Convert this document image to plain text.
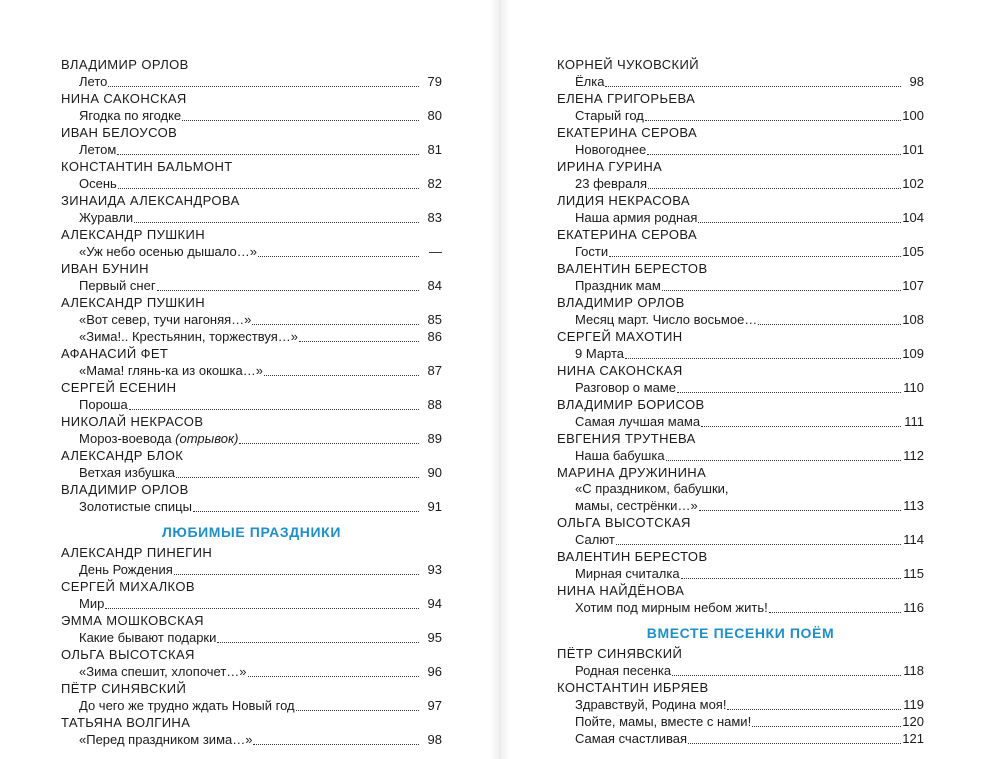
ВЛАДИМИР ОРЛОВ
Лето	79
НИНА САКОНСКАЯ
Ягодка по ягодке	80
ИВАН БЕЛОУСОВ
Летом	81
КОНСТАНТИН БАЛЬМОНТ
Осень	82
ЗИНАИДА АЛЕКСАНДРОВА
Журавли	83
АЛЕКСАНДР ПУШКИН
«Уж небо осенью дышало…»	—
ИВАН БУНИН
Первый снег	84
АЛЕКСАНДР ПУШКИН
«Вот север, тучи нагоняя…»	85
«Зима!.. Крестьянин, торжествуя…»	86
АФАНАСИЙ ФЕТ
«Мама! глянь-ка из окошка…»	87
СЕРГЕЙ ЕСЕНИН
Пороша	88
НИКОЛАЙ НЕКРАСОВ
Мороз-воевода (отрывок)	89
АЛЕКСАНДР БЛОК
Ветхая избушка	90
ВЛАДИМИР ОРЛОВ
Золотистые спицы	91
ЛЮБИМЫЕ ПРАЗДНИКИ
АЛЕКСАНДР ПИНЕГИН
День Рождения	93
СЕРГЕЙ МИХАЛКОВ
Мир	94
ЭММА МОШКОВСКАЯ
Какие бывают подарки	95
ОЛЬГА ВЫСОТСКАЯ
«Зима спешит, хлопочет…»	96
ПЁТР СИНЯВСКИЙ
До чего же трудно ждать Новый год	97
ТАТЬЯНА ВОЛГИНА
«Перед праздником зима…»	98
КОРНЕЙ ЧУКОВСКИЙ
Ёлка	98
ЕЛЕНА ГРИГОРЬЕВА
Старый год	100
ЕКАТЕРИНА СЕРОВА
Новогоднее	101
ИРИНА ГУРИНА
23 февраля	102
ЛИДИЯ НЕКРАСОВА
Наша армия родная	104
ЕКАТЕРИНА СЕРОВА
Гости	105
ВАЛЕНТИН БЕРЕСТОВ
Праздник мам	107
ВЛАДИМИР ОРЛОВ
Месяц март. Число восьмое…	108
СЕРГЕЙ МАХОТИН
9 Марта	109
НИНА САКОНСКАЯ
Разговор о маме	110
ВЛАДИМИР БОРИСОВ
Самая лучшая мама	111
ЕВГЕНИЯ ТРУТНЕВА
Наша бабушка	112
МАРИНА ДРУЖИНИНА
«С праздником, бабушки,
мамы, сестрёнки…»	113
ОЛЬГА ВЫСОТСКАЯ
Салют	114
ВАЛЕНТИН БЕРЕСТОВ
Мирная считалка	115
НИНА НАЙДЁНОВА
Хотим под мирным небом жить!	116
ВМЕСТЕ ПЕСЕНКИ ПОЁМ
ПЁТР СИНЯВСКИЙ
Родная песенка	118
КОНСТАНТИН ИБРЯЕВ
Здравствуй, Родина моя!	119
Пойте, мамы, вместе с нами!	120
Самая счастливая	121
